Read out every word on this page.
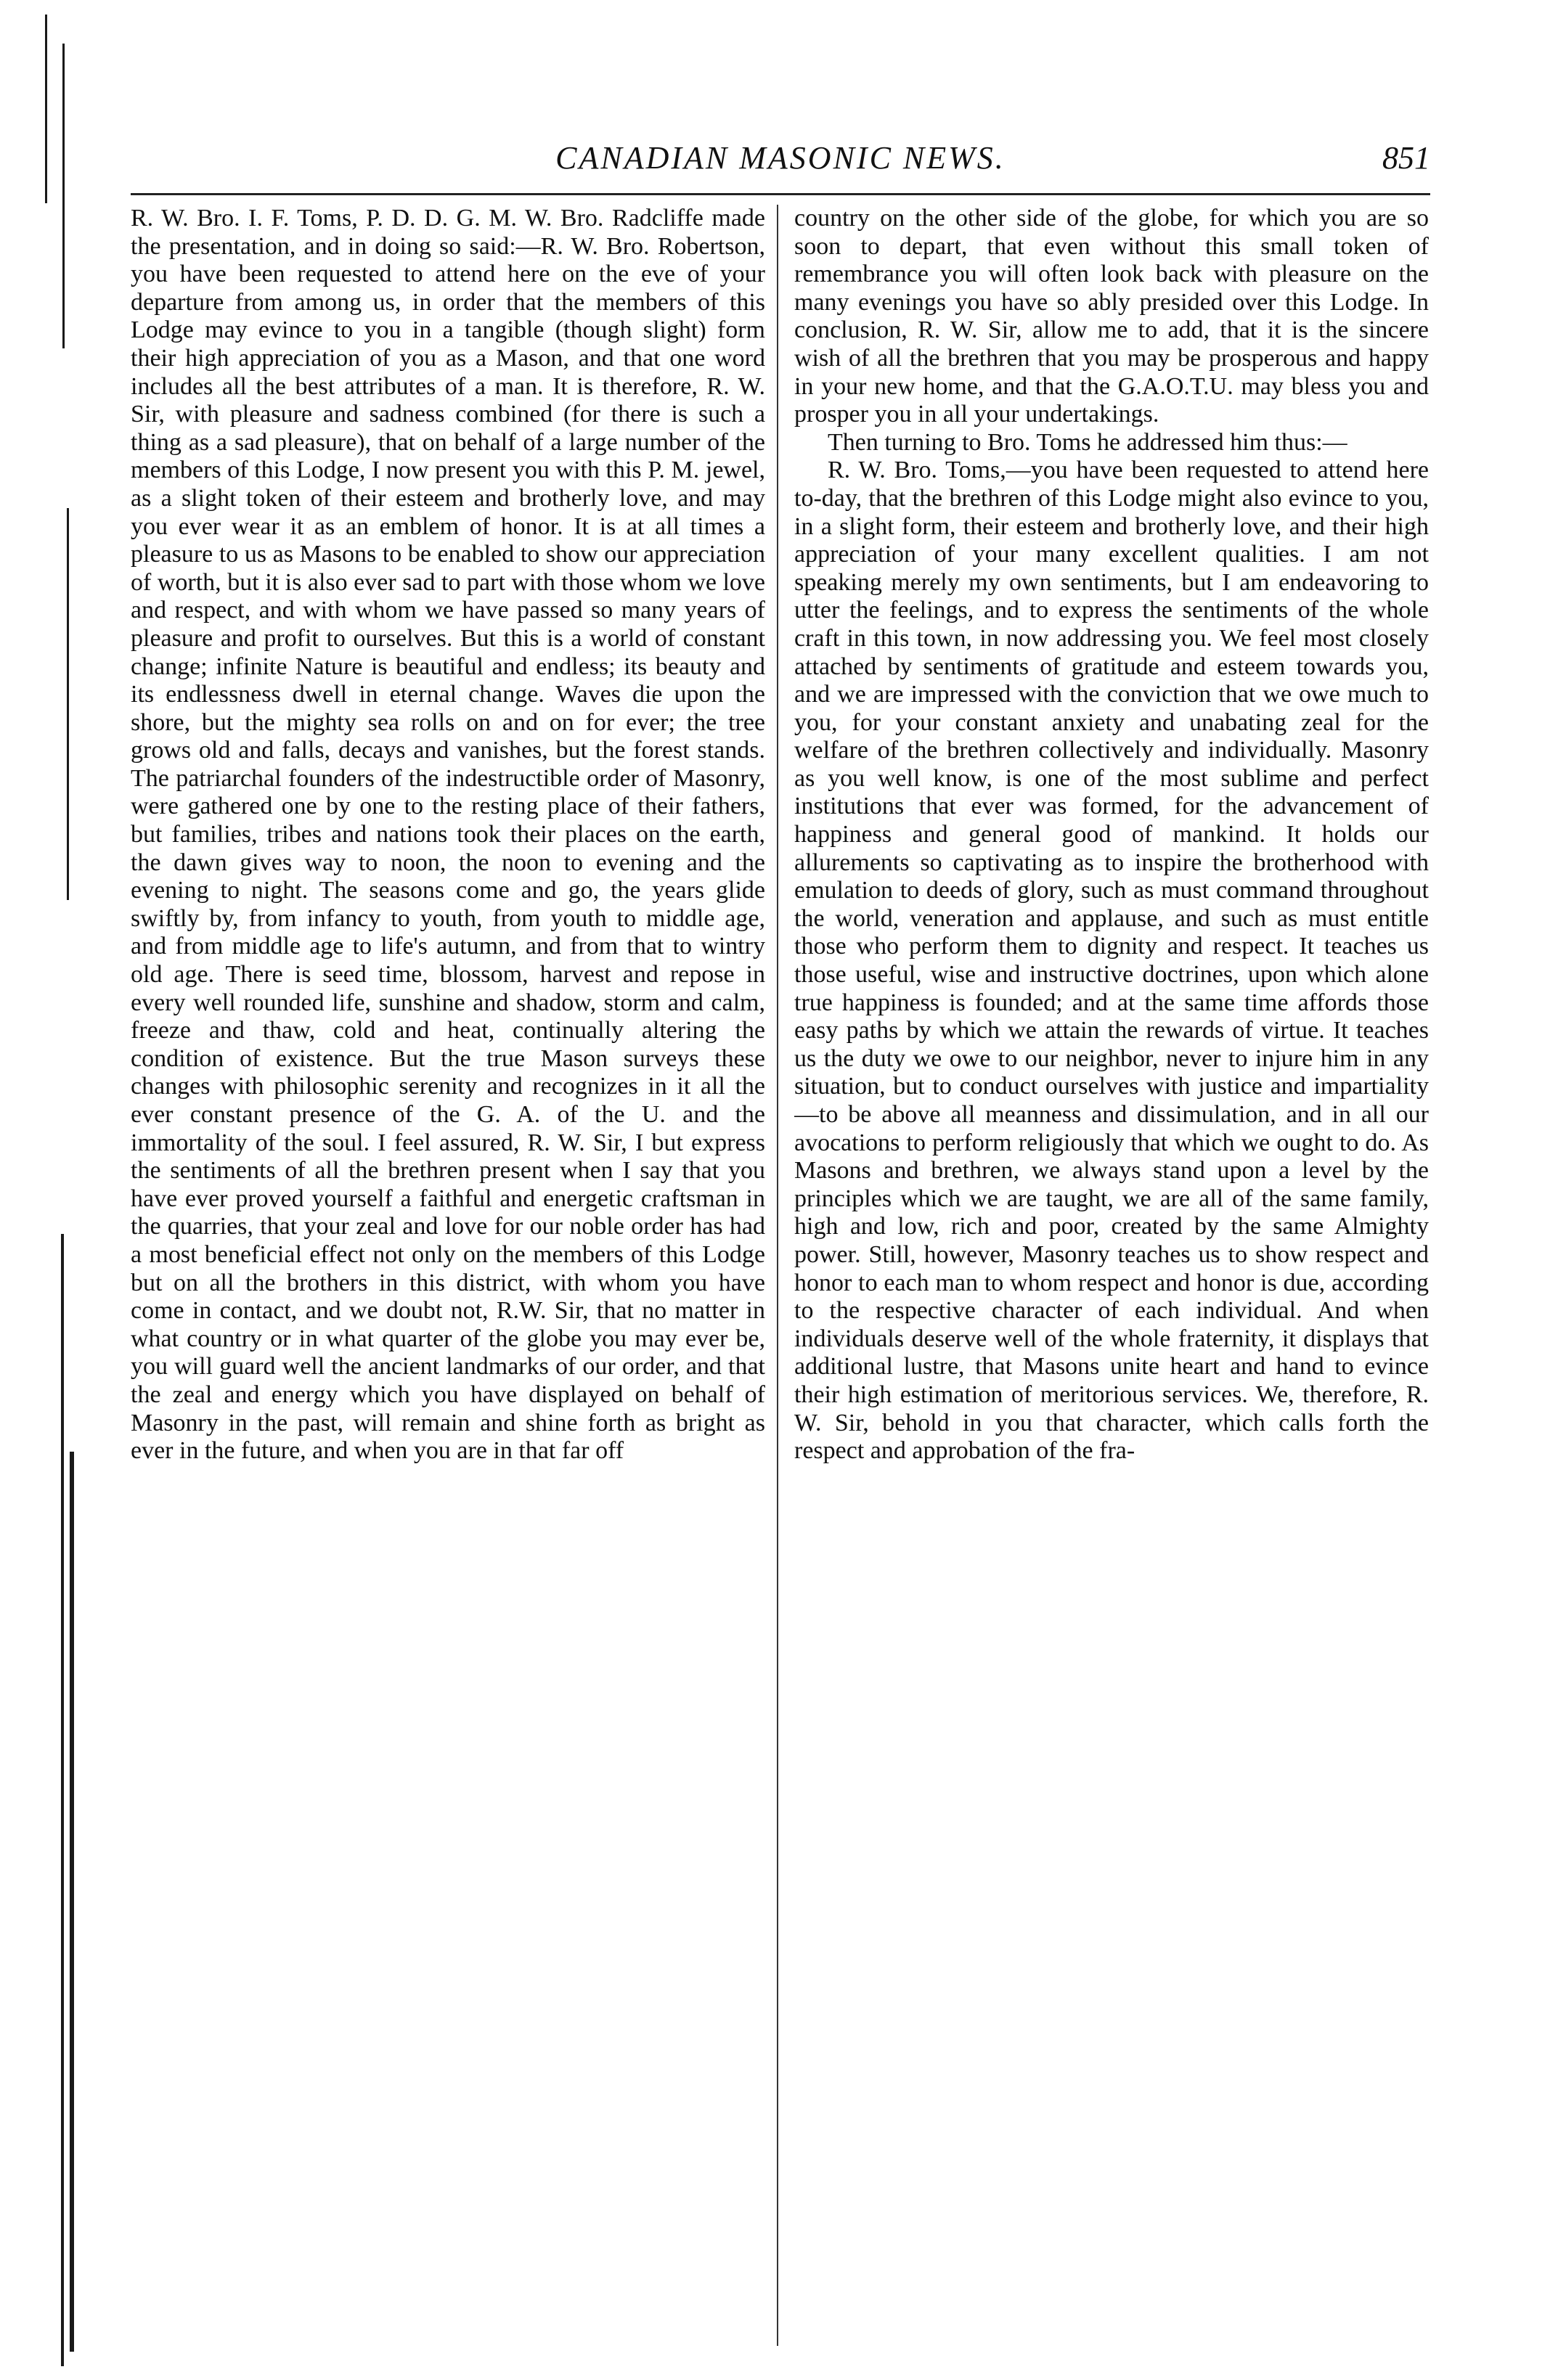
CANADIAN MASONIC NEWS.	851

R. W. Bro. I. F. Toms, P. D. D. G. M. W. Bro. Radcliffe made the presentation, and in doing so said:—R. W. Bro. Robertson, you have been requested to attend here on the eve of your departure from among us, in order that the members of this Lodge may evince to you in a tangible (though slight) form their high appreciation of you as a Mason, and that one word includes all the best attributes of a man. It is therefore, R. W. Sir, with pleasure and sadness combined (for there is such a thing as a sad pleasure), that on behalf of a large number of the members of this Lodge, I now present you with this P. M. jewel, as a slight token of their esteem and brotherly love, and may you ever wear it as an emblem of honor. It is at all times a pleasure to us as Masons to be enabled to show our appreciation of worth, but it is also ever sad to part with those whom we love and respect, and with whom we have passed so many years of pleasure and profit to ourselves. But this is a world of constant change; infinite Nature is beautiful and endless; its beauty and its endlessness dwell in eternal change. Waves die upon the shore, but the mighty sea rolls on and on for ever; the tree grows old and falls, decays and vanishes, but the forest stands. The patriarchal founders of the indestructible order of Masonry, were gathered one by one to the resting place of their fathers, but families, tribes and nations took their places on the earth, the dawn gives way to noon, the noon to evening and the evening to night. The seasons come and go, the years glide swiftly by, from infancy to youth, from youth to middle age, and from middle age to life's autumn, and from that to wintry old age. There is seed time, blossom, harvest and repose in every well rounded life, sunshine and shadow, storm and calm, freeze and thaw, cold and heat, continually altering the condition of existence. But the true Mason surveys these changes with philosophic serenity and recognizes in it all the ever constant presence of the G. A. of the U. and the immortality of the soul. I feel assured, R. W. Sir, I but express the sentiments of all the brethren present when I say that you have ever proved yourself a faithful and energetic craftsman in the quarries, that your zeal and love for our noble order has had a most beneficial effect not only on the members of this Lodge but on all the brothers in this district, with whom you have come in contact, and we doubt not, R.W. Sir, that no matter in what country or in what quarter of the globe you may ever be, you will guard well the ancient landmarks of our order, and that the zeal and energy which you have displayed on behalf of Masonry in the past, will remain and shine forth as bright as ever in the future, and when you are in that far off

country on the other side of the globe, for which you are so soon to depart, that even without this small token of remembrance you will often look back with pleasure on the many evenings you have so ably presided over this Lodge. In conclusion, R. W. Sir, allow me to add, that it is the sincere wish of all the brethren that you may be prosperous and happy in your new home, and that the G.A.O.T.U. may bless you and prosper you in all your undertakings.

Then turning to Bro. Toms he addressed him thus:—

R. W. Bro. Toms,—you have been requested to attend here to-day, that the brethren of this Lodge might also evince to you, in a slight form, their esteem and brotherly love, and their high appreciation of your many excellent qualities. I am not speaking merely my own sentiments, but I am endeavoring to utter the feelings, and to express the sentiments of the whole craft in this town, in now addressing you. We feel most closely attached by sentiments of gratitude and esteem towards you, and we are impressed with the conviction that we owe much to you, for your constant anxiety and unabating zeal for the welfare of the brethren collectively and individually. Masonry as you well know, is one of the most sublime and perfect institutions that ever was formed, for the advancement of happiness and general good of mankind. It holds our allurements so captivating as to inspire the brotherhood with emulation to deeds of glory, such as must command throughout the world, veneration and applause, and such as must entitle those who perform them to dignity and respect. It teaches us those useful, wise and instructive doctrines, upon which alone true happiness is founded; and at the same time affords those easy paths by which we attain the rewards of virtue. It teaches us the duty we owe to our neighbor, never to injure him in any situation, but to conduct ourselves with justice and impartiality—to be above all meanness and dissimulation, and in all our avocations to perform religiously that which we ought to do. As Masons and brethren, we always stand upon a level by the principles which we are taught, we are all of the same family, high and low, rich and poor, created by the same Almighty power. Still, however, Masonry teaches us to show respect and honor to each man to whom respect and honor is due, according to the respective character of each individual. And when individuals deserve well of the whole fraternity, it displays that additional lustre, that Masons unite heart and hand to evince their high estimation of meritorious services. We, therefore, R. W. Sir, behold in you that character, which calls forth the respect and approbation of the fra-
